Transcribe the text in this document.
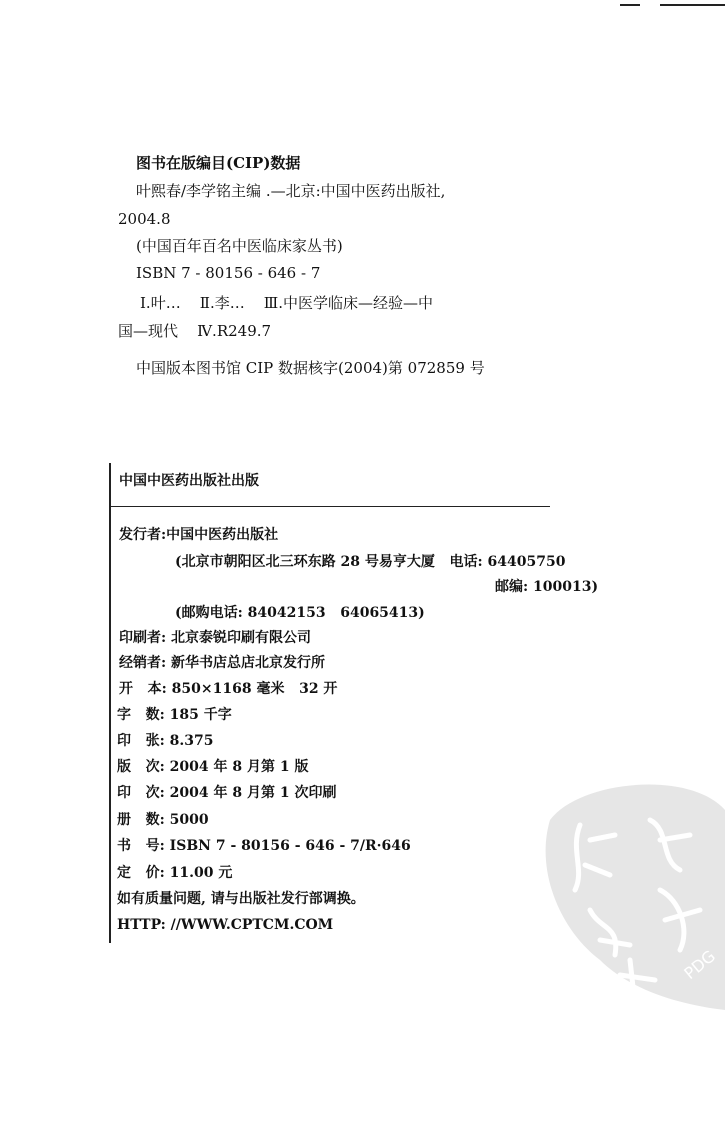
图书在版编目(CIP)数据
叶熙春/李学铭主编 .—北京:中国中医药出版社,
2004.8
(中国百年百名中医临床家丛书)
ISBN 7 - 80156 - 646 - 7
Ⅰ.叶…    Ⅱ.李…    Ⅲ.中医学临床—经验—中
国—现代    Ⅳ.R249.7
中国版本图书馆 CIP 数据核字(2004)第 072859 号
中国中医药出版社出版
发行者:中国中医药出版社
(北京市朝阳区北三环东路 28 号易亨大厦   电话: 64405750
邮编: 100013)
(邮购电话: 84042153   64065413)
印刷者: 北京泰锐印刷有限公司
经销者: 新华书店总店北京发行所
开   本: 850×1168 毫米   32 开
字   数: 185 千字
印   张: 8.375
版   次: 2004 年 8 月第 1 版
印   次: 2004 年 8 月第 1 次印刷
册   数: 5000
书   号: ISBN 7 - 80156 - 646 - 7/R·646
定   价: 11.00 元
如有质量问题, 请与出版社发行部调换。
HTTP: //WWW.CPTCM.COM
PDG
